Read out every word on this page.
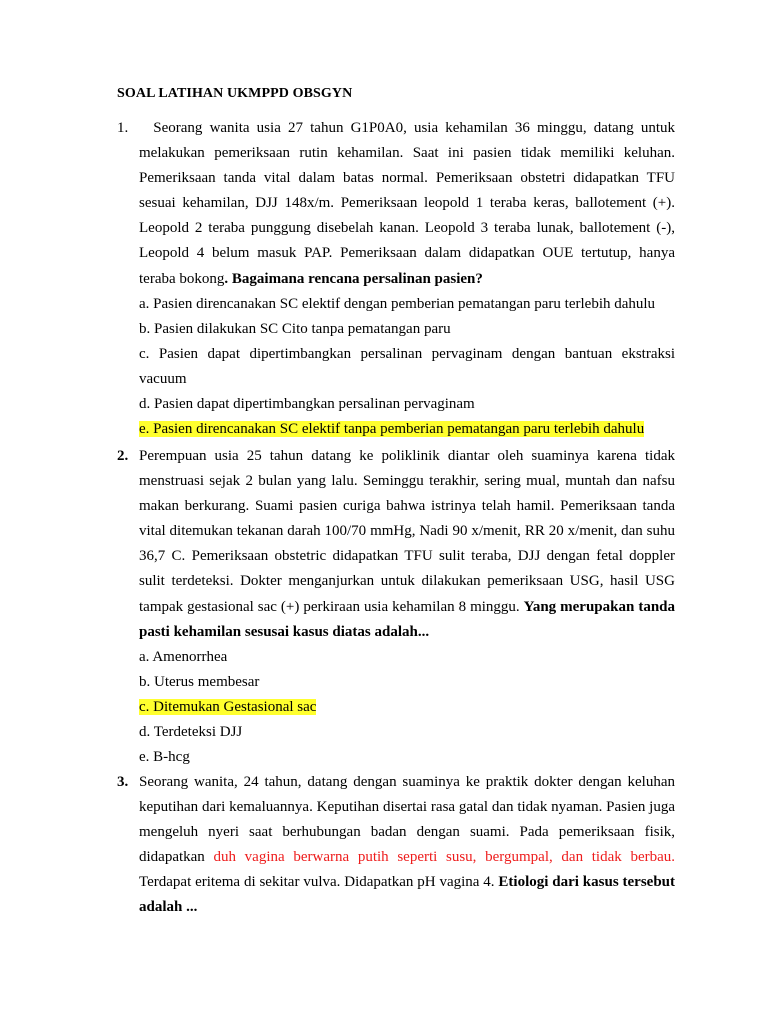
SOAL LATIHAN UKMPPD OBSGYN
1. Seorang wanita usia 27 tahun G1P0A0, usia kehamilan 36 minggu, datang untuk melakukan pemeriksaan rutin kehamilan. Saat ini pasien tidak memiliki keluhan. Pemeriksaan tanda vital dalam batas normal. Pemeriksaan obstetri didapatkan TFU sesuai kehamilan, DJJ 148x/m. Pemeriksaan leopold 1 teraba keras, ballotement (+). Leopold 2 teraba punggung disebelah kanan. Leopold 3 teraba lunak, ballotement (-), Leopold 4 belum masuk PAP. Pemeriksaan dalam didapatkan OUE tertutup, hanya teraba bokong. Bagaimana rencana persalinan pasien?
a. Pasien direncanakan SC elektif dengan pemberian pematangan paru terlebih dahulu
b. Pasien dilakukan SC Cito tanpa pematangan paru
c. Pasien dapat dipertimbangkan persalinan pervaginam dengan bantuan ekstraksi vacuum
d. Pasien dapat dipertimbangkan persalinan pervaginam
e. Pasien direncanakan SC elektif tanpa pemberian pematangan paru terlebih dahulu
2. Perempuan usia 25 tahun datang ke poliklinik diantar oleh suaminya karena tidak menstruasi sejak 2 bulan yang lalu. Seminggu terakhir, sering mual, muntah dan nafsu makan berkurang. Suami pasien curiga bahwa istrinya telah hamil. Pemeriksaan tanda vital ditemukan tekanan darah 100/70 mmHg, Nadi 90 x/menit, RR 20 x/menit, dan suhu 36,7 C. Pemeriksaan obstetric didapatkan TFU sulit teraba, DJJ dengan fetal doppler sulit terdeteksi. Dokter menganjurkan untuk dilakukan pemeriksaan USG, hasil USG tampak gestasional sac (+) perkiraan usia kehamilan 8 minggu. Yang merupakan tanda pasti kehamilan sesusai kasus diatas adalah...
a. Amenorrhea
b. Uterus membesar
c. Ditemukan Gestasional sac
d. Terdeteksi DJJ
e. B-hcg
3. Seorang wanita, 24 tahun, datang dengan suaminya ke praktik dokter dengan keluhan keputihan dari kemaluannya. Keputihan disertai rasa gatal dan tidak nyaman. Pasien juga mengeluh nyeri saat berhubungan badan dengan suami. Pada pemeriksaan fisik, didapatkan duh vagina berwarna putih seperti susu, bergumpal, dan tidak berbau. Terdapat eritema di sekitar vulva. Didapatkan pH vagina 4. Etiologi dari kasus tersebut adalah ...
